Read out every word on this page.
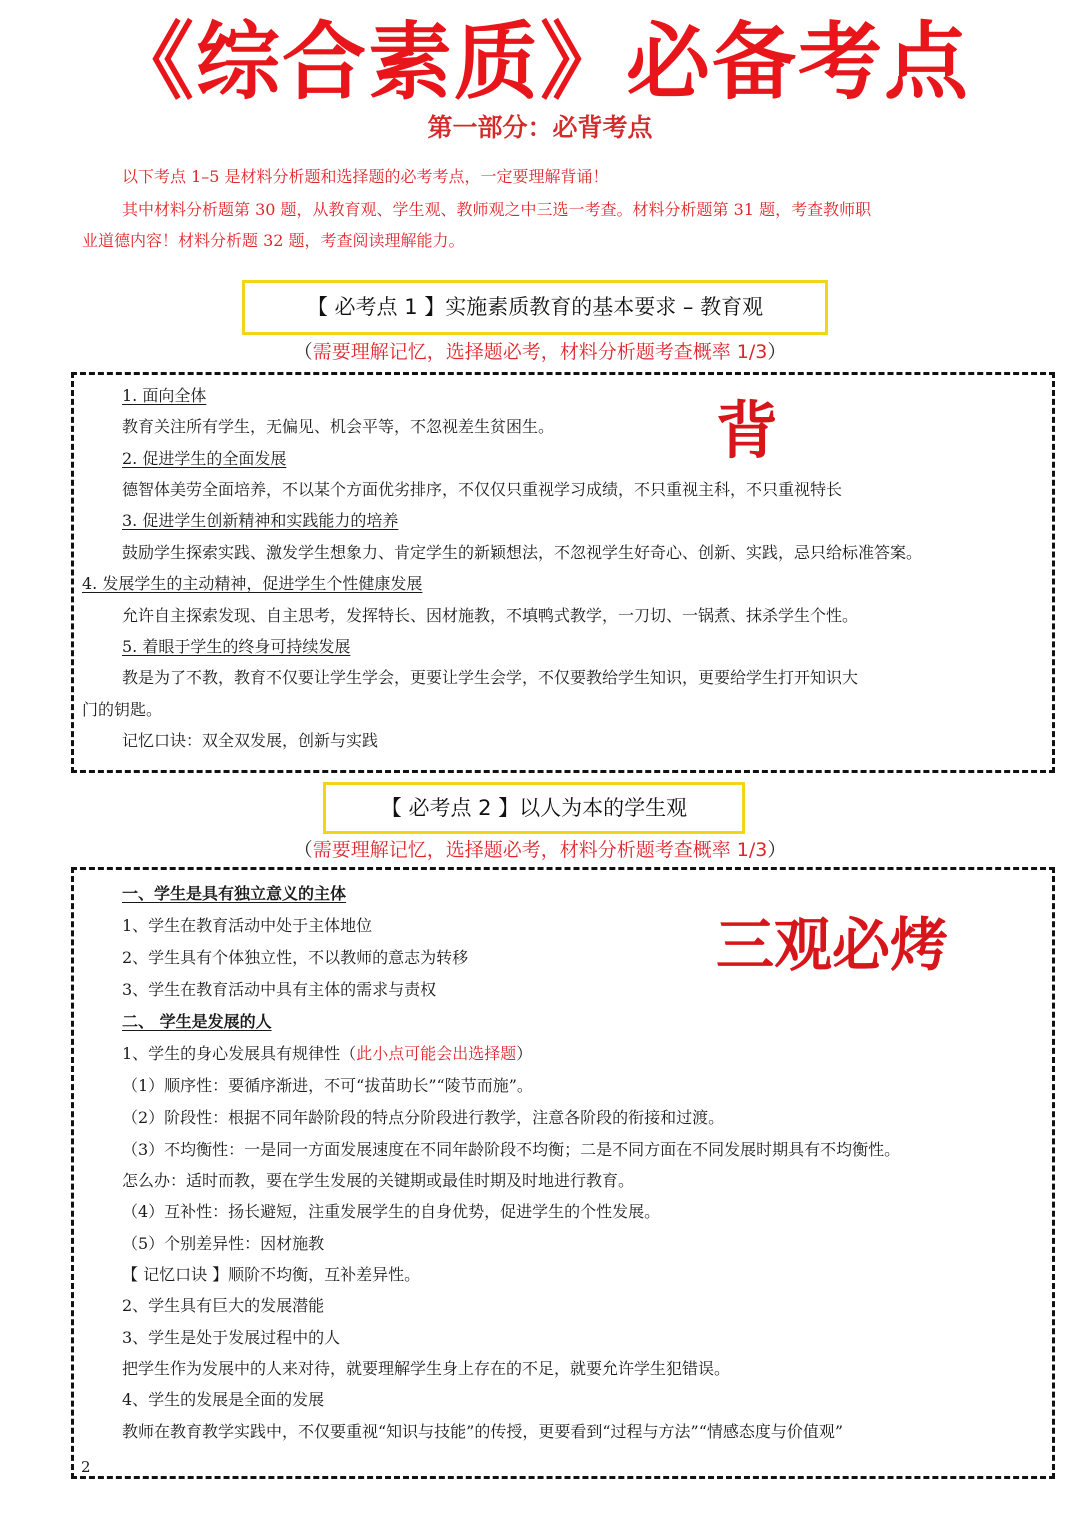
《综合素质》必备考点
第一部分：必背考点
以下考点 1–5 是材料分析题和选择题的必考考点，一定要理解背诵！
其中材料分析题第 30 题，从教育观、学生观、教师观之中三选一考查。材料分析题第 31 题，考查教师职
业道德内容！材料分析题 32 题，考查阅读理解能力。
【 必考点 1 】实施素质教育的基本要求 – 教育观
（需要理解记忆，选择题必考，材料分析题考查概率 1/3）
背
1. 面向全体
教育关注所有学生，无偏见、机会平等，不忽视差生贫困生。
2. 促进学生的全面发展
德智体美劳全面培养，不以某个方面优劣排序，不仅仅只重视学习成绩，不只重视主科，不只重视特长
3. 促进学生创新精神和实践能力的培养
鼓励学生探索实践、激发学生想象力、肯定学生的新颖想法，不忽视学生好奇心、创新、实践，忌只给标准答案。
4. 发展学生的主动精神，促进学生个性健康发展
允许自主探索发现、自主思考，发挥特长、因材施教，不填鸭式教学，一刀切、一锅煮、抹杀学生个性。
5. 着眼于学生的终身可持续发展
教是为了不教，教育不仅要让学生学会，更要让学生会学，不仅要教给学生知识，更要给学生打开知识大
门的钥匙。
记忆口诀：双全双发展，创新与实践
【 必考点 2 】以人为本的学生观
（需要理解记忆，选择题必考，材料分析题考查概率 1/3）
三观必烤
一、学生是具有独立意义的主体
1、学生在教育活动中处于主体地位
2、学生具有个体独立性，不以教师的意志为转移
3、学生在教育活动中具有主体的需求与责权
二、 学生是发展的人
1、学生的身心发展具有规律性（此小点可能会出选择题）
（1）顺序性：要循序渐进，不可“拔苗助长”“陵节而施”。
（2）阶段性：根据不同年龄阶段的特点分阶段进行教学，注意各阶段的衔接和过渡。
（3）不均衡性：一是同一方面发展速度在不同年龄阶段不均衡；二是不同方面在不同发展时期具有不均衡性。
怎么办：适时而教，要在学生发展的关键期或最佳时期及时地进行教育。
（4）互补性：扬长避短，注重发展学生的自身优势，促进学生的个性发展。
（5）个别差异性：因材施教
【 记忆口诀 】顺阶不均衡，互补差异性。
2、学生具有巨大的发展潜能
3、学生是处于发展过程中的人
把学生作为发展中的人来对待，就要理解学生身上存在的不足，就要允许学生犯错误。
4、学生的发展是全面的发展
教师在教育教学实践中，不仅要重视“知识与技能”的传授，更要看到“过程与方法”“情感态度与价值观”
2
